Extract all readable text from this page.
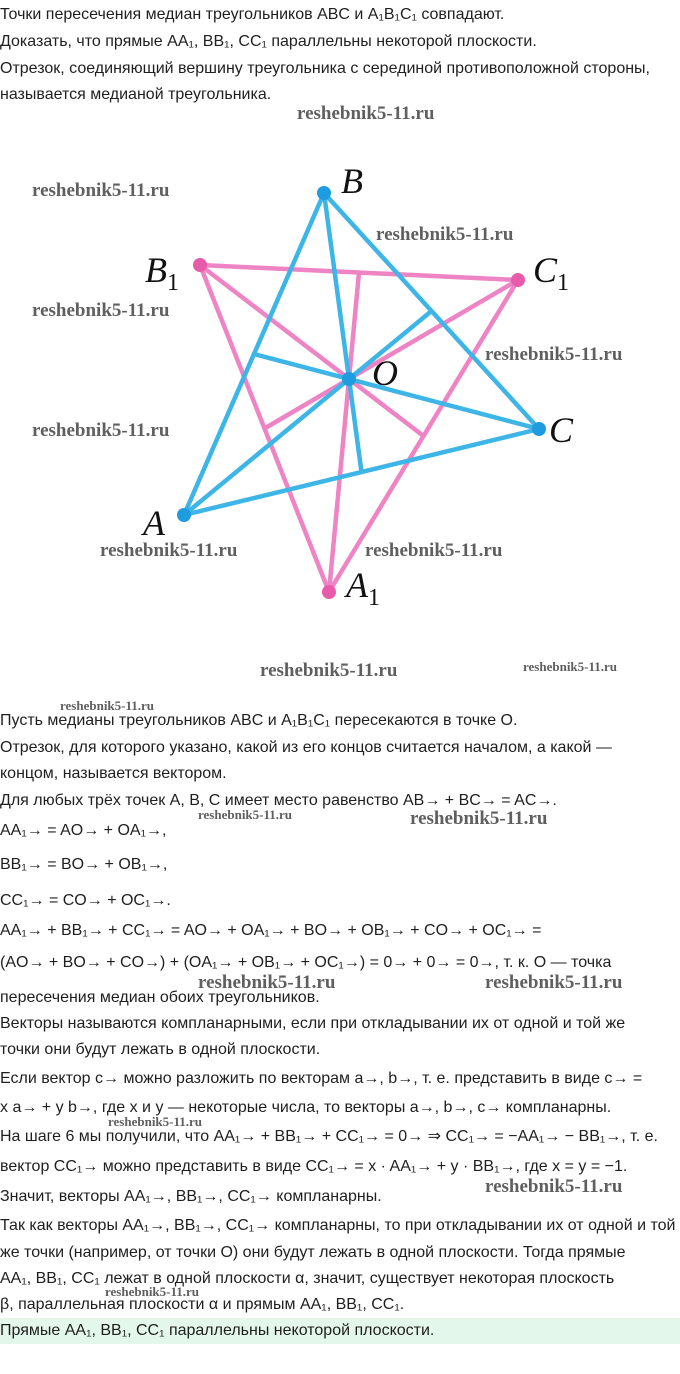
Точки пересечения медиан треугольников ABC и A₁B₁C₁ совпадают.
Доказать, что прямые AA₁, BB₁, CC₁ параллельны некоторой плоскости.
Отрезок, соединяющий вершину треугольника с серединой противоположной стороны,
называется медианой треугольника.
B
$B_1$	$C_1$
O
C
A
$A_1$
reshebnik5-11.ru
reshebnik5-11.ru
reshebnik5-11.ru
reshebnik5-11.ru
reshebnik5-11.ru
reshebnik5-11.ru
reshebnik5-11.ru	reshebnik5-11.ru
reshebnik5-11.ru	reshebnik5-11.ru
reshebnik5-11.ru
reshebnik5-11.ru	reshebnik5-11.ru
reshebnik5-11.ru	reshebnik5-11.ru
reshebnik5-11.ru
reshebnik5-11.ru
reshebnik5-11.ru
Пусть медианы треугольников ABC и A₁B₁C₁ пересекаются в точке O.
Отрезок, для которого указано, какой из его концов считается началом, а какой —
концом, называется вектором.
Для любых трёх точек A, B, C имеет место равенство AB→ + BC→ = AC→.
AA₁→ = AO→ + OA₁→,
BB₁→ = BO→ + OB₁→,
CC₁→ = CO→ + OC₁→.
AA₁→ + BB₁→ + CC₁→ = AO→ + OA₁→ + BO→ + OB₁→ + CO→ + OC₁→ =
(AO→ + BO→ + CO→) + (OA₁→ + OB₁→ + OC₁→) = 0→ + 0→ = 0→, т. к. O — точка
пересечения медиан обоих треугольников.
Векторы называются компланарными, если при откладывании их от одной и той же
точки они будут лежать в одной плоскости.
Если вектор c→ можно разложить по векторам a→, b→, т. е. представить в виде c→ =
x a→ + y b→, где x и y — некоторые числа, то векторы a→, b→, c→ компланарны.
На шаге 6 мы получили, что AA₁→ + BB₁→ + CC₁→ = 0→ ⇒ CC₁→ = −AA₁→ − BB₁→, т. е.
вектор CC₁→ можно представить в виде CC₁→ = x · AA₁→ + y · BB₁→, где x = y = −1.
Значит, векторы AA₁→, BB₁→, CC₁→ компланарны.
Так как векторы AA₁→, BB₁→, CC₁→ компланарны, то при откладывании их от одной и той
же точки (например, от точки O) они будут лежать в одной плоскости. Тогда прямые
AA₁, BB₁, CC₁ лежат в одной плоскости α, значит, существует некоторая плоскость
β, параллельная плоскости α и прямым AA₁, BB₁, CC₁.
Прямые AA₁, BB₁, CC₁ параллельны некоторой плоскости.
